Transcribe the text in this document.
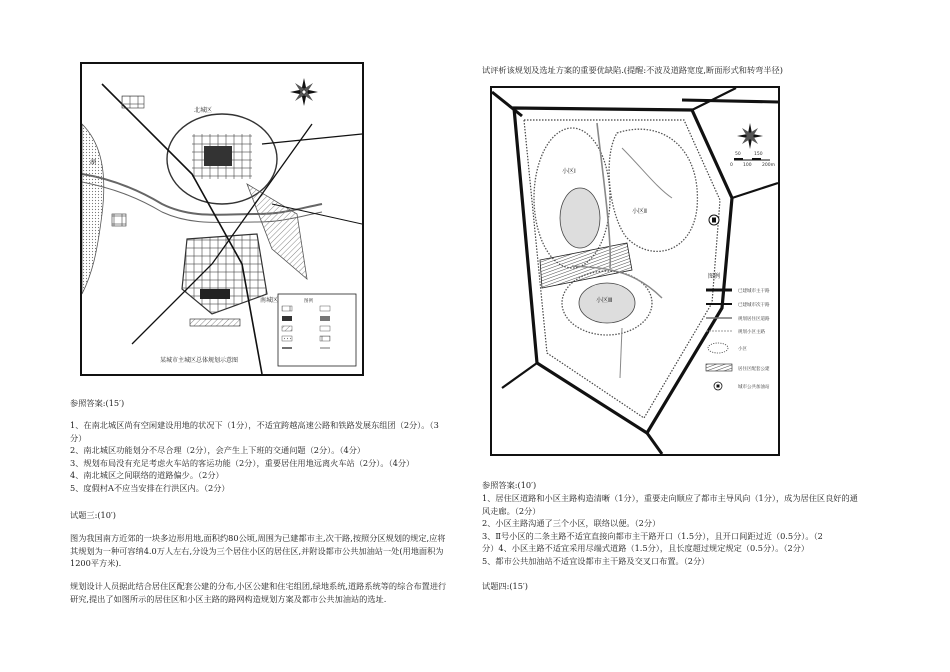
湖
北城区
南城区	图例
某城市主城区总体规划示意图

参照答案:(15′)

1、在南北城区尚有空闲建设用地的状况下（1分），不适宜跨越高速公路和铁路发展东组团（2分）。（3

分）

2、南北城区功能划分不尽合理（2分），会产生上下班的交通问题（2分）。（4分）

3、规划布局没有充足考虑火车站的客运功能（2分），重要居住用地远离火车站（2分）。（4分）

4、南北城区之间联络的道路偏少。（2分）

5、度假村A不应当安排在行洪区内。（2分）

试题三:(10′)

图为我国南方近郊的一块多边形用地,面积约80公顷,周围为已建都市主,次干路,按照分区规划的规定,应将

其规划为一种可容纳4.0万人左右,分设为三个居住小区的居住区,并附设都市公共加油站一处(用地面积为

1200平方米).

规划设计人员据此结合居住区配套公建的分布,小区公建和住宅组团,绿地系统,道路系统等的综合布置进行

研究,提出了如图所示的居住区和小区主路的路网构造规划方案及都市公共加油站的选址.

试评析该规划及选址方案的重要优缺陷.(提醒:不波及道路宽度,断面形式和转弯半径)

小区Ⅰ
小区Ⅱ
小区Ⅲ
0
50
100
150
200m
图例
已建城市主干路
已建城市次干路
规划居住区道路
规划小区主路
小区
居住区配套公建
城市公共加油站

参照答案:(10′)

1、居住区道路和小区主路构造清晰（1分），重要走向顺应了都市主导风向（1分），成为居住区良好的通

风走廊。（2分）

2、小区主路沟通了三个小区，联络以便。（2分）

3、Ⅱ号小区的二条主路不适宜直接向都市主干路开口（1.5分），且开口间距过近（0.5分）。（2

分）4、小区主路不适宜采用尽端式道路（1.5分），且长度超过规定规定（0.5分）。（2分）

5、都市公共加油站不适宜设都市主干路及交叉口布置。（2分）

试题四:(15′)
